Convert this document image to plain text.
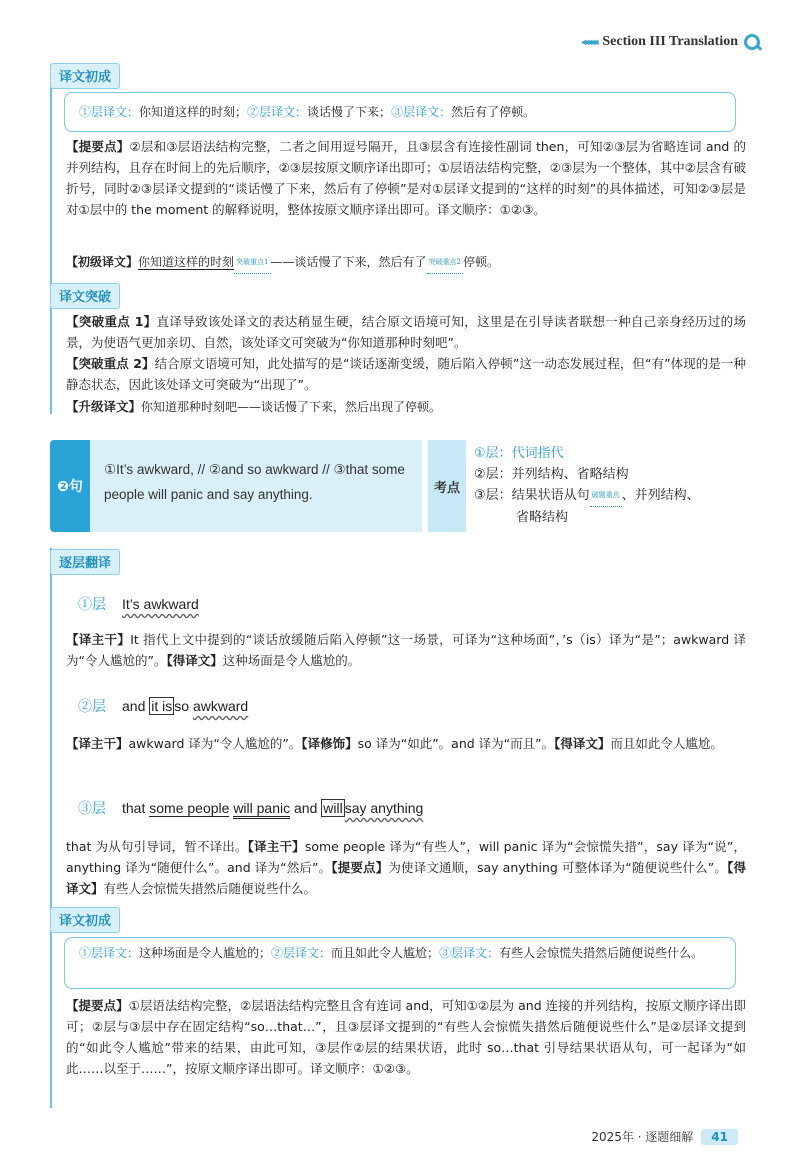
◂◂◂◂◂ Section III Translation
译文初成
①层译文：你知道这样的时刻；②层译文：谈话慢了下来；③层译文：然后有了停顿。
【提要点】②层和③层语法结构完整，二者之间用逗号隔开，且③层含有连接性副词 then，可知②③层为省略连词 and 的并列结构，且存在时间上的先后顺序，②③层按原文顺序译出即可；①层语法结构完整，②③层为一个整体，其中②层含有破折号，同时②③层译文提到的“谈话慢了下来，然后有了停顿”是对①层译文提到的“这样的时刻”的具体描述，可知②③层是对①层中的 the moment 的解释说明，整体按原文顺序译出即可。译文顺序：①②③。
【初级译文】你知道这样的时刻 突破重点1 ——谈话慢了下来，然后有了 突破重点2 停顿。
译文突破
【突破重点 1】直译导致该处译文的表达稍显生硬，结合原文语境可知，这里是在引导读者联想一种自己亲身经历过的场景，为使语气更加亲切、自然，该处译文可突破为“你知道那种时刻吧”。
【突破重点 2】结合原文语境可知，此处描写的是“谈话逐渐变缓，随后陷入停顿”这一动态发展过程，但“有”体现的是一种静态状态，因此该处译文可突破为“出现了”。
【升级译文】你知道那种时刻吧——谈话慢了下来，然后出现了停顿。
❷句
①It’s awkward, // ②and so awkward // ③that some people will panic and say anything.	考点
①层：代词指代
②层：并列结构、省略结构
③层：结果状语从句 破题重点 、并列结构、
省略结构
逐层翻译
①层 It’s awkward
【译主干】It 指代上文中提到的“谈话放缓随后陷入停顿”这一场景，可译为“这种场面”，’s（is）译为“是”；awkward 译为“令人尴尬的”。【得译文】这种场面是令人尴尬的。
②层 and it is so awkward
【译主干】awkward 译为“令人尴尬的”。【译修饰】so 译为“如此”。and 译为“而且”。【得译文】而且如此令人尴尬。
③层 that some people will panic and will say anything
that 为从句引导词，暂不译出。【译主干】some people 译为“有些人”，will panic 译为“会惊慌失措”，say 译为“说”，anything 译为“随便什么”。and 译为“然后”。【提要点】为使译文通顺，say anything 可整体译为“随便说些什么”。【得译文】有些人会惊慌失措然后随便说些什么。
译文初成
①层译文：这种场面是令人尴尬的；②层译文：而且如此令人尴尬；③层译文：有些人会惊慌失措然后随便说些什么。
【提要点】①层语法结构完整，②层语法结构完整且含有连词 and，可知①②层为 and 连接的并列结构，按原文顺序译出即可；②层与③层中存在固定结构“so…that…”，且③层译文提到的“有些人会惊慌失措然后随便说些什么”是②层译文提到的“如此令人尴尬”带来的结果，由此可知，③层作②层的结果状语，此时 so…that 引导结果状语从句，可一起译为“如此……以至于……”，按原文顺序译出即可。译文顺序：①②③。
2025年 · 逐题细解	41
